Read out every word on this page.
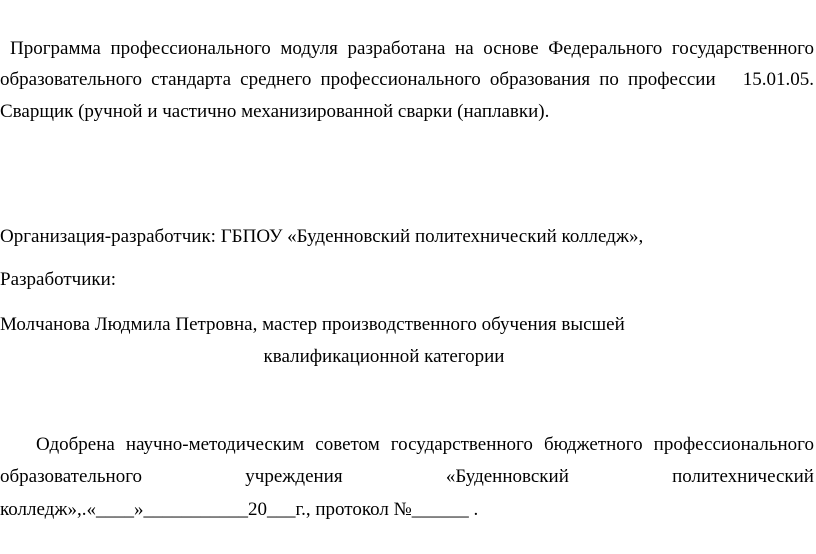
Программа профессионального модуля разработана на основе Федерального государственного
образовательного стандарта среднего профессионального образования по профессии 15.01.05.
Сварщик (ручной и частично механизированной сварки (наплавки).
Организация-разработчик: ГБПОУ «Буденновский политехнический колледж»,
Разработчики:
Молчанова Людмила Петровна, мастер производственного обучения высшей
квалификационной категории
Одобрена научно-методическим советом государственного бюджетного профессионального
образовательного	учреждения	«Буденновский	политехнический
колледж»,.«____»___________20___г., протокол №______ .
